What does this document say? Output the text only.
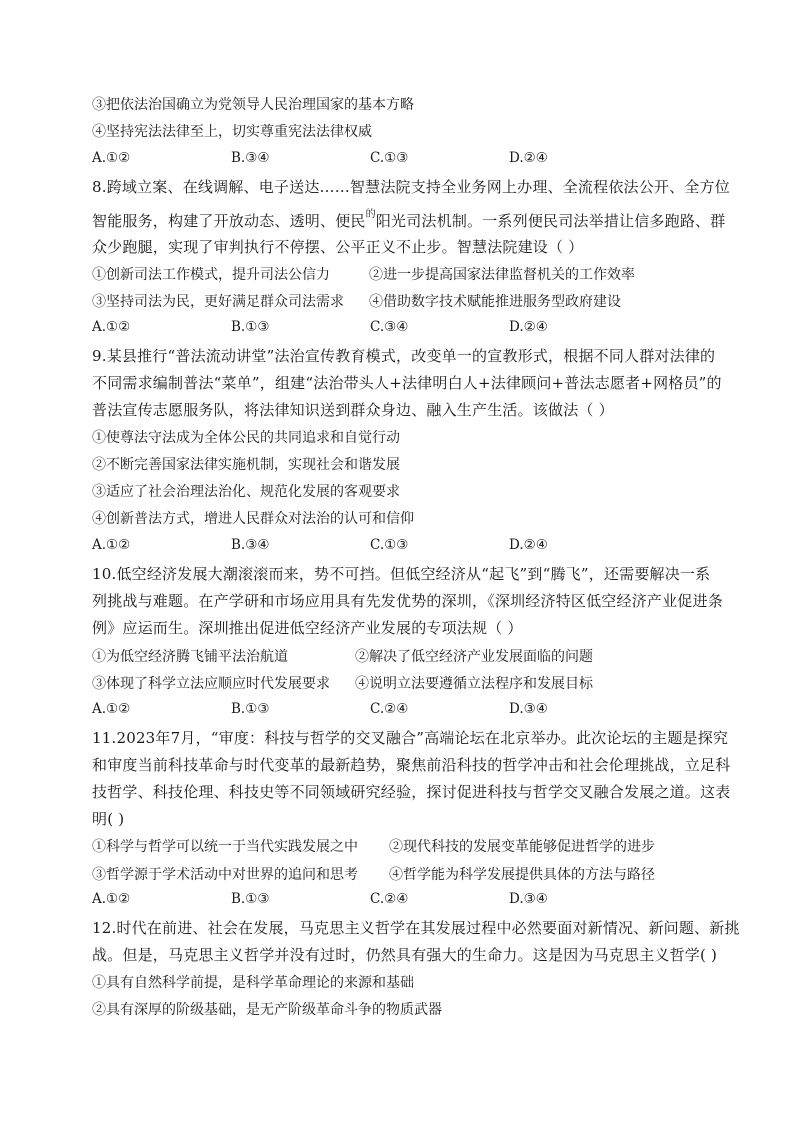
③把依法治国确立为党领导人民治理国家的基本方略
④坚持宪法法律至上，切实尊重宪法法律权威
A.①②	B.③④	C.①③	D.②④
8.跨域立案、在线调解、电子送达……智慧法院支持全业务网上办理、全流程依法公开、全方位
智能服务，构建了开放动态、透明、便民$^的$阳光司法机制。一系列便民司法举措让信多跑路、群
众少跑腿，实现了审判执行不停摆、公平正义不止步。智慧法院建设（ ）
①创新司法工作模式，提升司法公信力	②进一步提高国家法律监督机关的工作效率
③坚持司法为民，更好满足群众司法需求 ④借助数字技术赋能推进服务型政府建设
A.①②	B.①③	C.③④	D.②④
9.某县推行“普法流动讲堂”法治宣传教育模式，改变单一的宣教形式，根据不同人群对法律的
不同需求编制普法“菜单”，组建“法治带头人+法律明白人+法律顾问+普法志愿者+网格员”的
普法宣传志愿服务队，将法律知识送到群众身边、融入生产生活。该做法（ ）
①使尊法守法成为全体公民的共同追求和自觉行动
②不断完善国家法律实施机制，实现社会和谐发展
③适应了社会治理法治化、规范化发展的客观要求
④创新普法方式，增进人民群众对法治的认可和信仰
A.①②	B.③④	C.①③	D.②④
10.低空经济发展大潮滚滚而来，势不可挡。但低空经济从“起飞”到“腾飞”，还需要解决一系
列挑战与难题。在产学研和市场应用具有先发优势的深圳，《深圳经济特区低空经济产业促进条
例》应运而生。深圳推出促进低空经济产业发展的专项法规（ ）
①为低空经济腾飞铺平法治航道	②解决了低空经济产业发展面临的问题
③体现了科学立法应顺应时代发展要求 ④说明立法要遵循立法程序和发展目标
A.①②	B.①③	C.②④	D.③④
11.2023年7月，“审度：科技与哲学的交叉融合”高端论坛在北京举办。此次论坛的主题是探究
和审度当前科技革命与时代变革的最新趋势，聚焦前沿科技的哲学冲击和社会伦理挑战，立足科
技哲学、科技伦理、科技史等不同领域研究经验，探讨促进科技与哲学交叉融合发展之道。这表
明( )
①科学与哲学可以统一于当代实践发展之中 ②现代科技的发展变革能够促进哲学的进步
③哲学源于学术活动中对世界的追问和思考 ④哲学能为科学发展提供具体的方法与路径
A.①②	B.①③	C.②④	D.③④
12.时代在前进、社会在发展，马克思主义哲学在其发展过程中必然要面对新情况、新问题、新挑
战。但是，马克思主义哲学并没有过时，仍然具有强大的生命力。这是因为马克思主义哲学( )
①具有自然科学前提，是科学革命理论的来源和基础
②具有深厚的阶级基础，是无产阶级革命斗争的物质武器
